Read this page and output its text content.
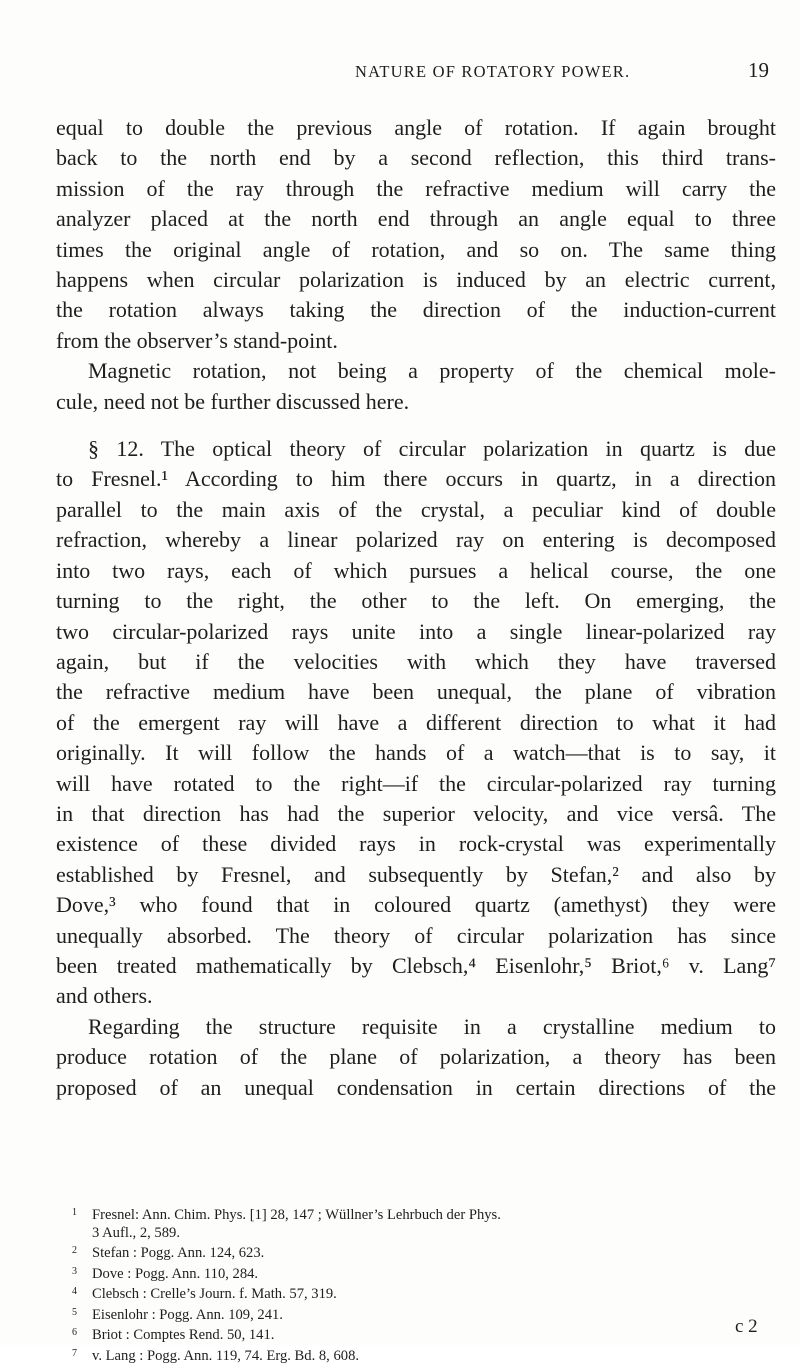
NATURE OF ROTATORY POWER.	19
equal to double the previous angle of rotation. If again brought
back to the north end by a second reflection, this third trans-
mission of the ray through the refractive medium will carry the
analyzer placed at the north end through an angle equal to three
times the original angle of rotation, and so on. The same thing
happens when circular polarization is induced by an electric current,
the rotation always taking the direction of the induction-current
from the observer’s stand-point.
Magnetic rotation, not being a property of the chemical mole-
cule, need not be further discussed here.
§ 12. The optical theory of circular polarization in quartz is due
to Fresnel.¹ According to him there occurs in quartz, in a direction
parallel to the main axis of the crystal, a peculiar kind of double
refraction, whereby a linear polarized ray on entering is decomposed
into two rays, each of which pursues a helical course, the one
turning to the right, the other to the left. On emerging, the
two circular-polarized rays unite into a single linear-polarized ray
again, but if the velocities with which they have traversed
the refractive medium have been unequal, the plane of vibration
of the emergent ray will have a different direction to what it had
originally. It will follow the hands of a watch—that is to say, it
will have rotated to the right—if the circular-polarized ray turning
in that direction has had the superior velocity, and vice versâ. The
existence of these divided rays in rock-crystal was experimentally
established by Fresnel, and subsequently by Stefan,² and also by
Dove,³ who found that in coloured quartz (amethyst) they were
unequally absorbed. The theory of circular polarization has since
been treated mathematically by Clebsch,⁴ Eisenlohr,⁵ Briot,⁶ v. Lang⁷
and others.
Regarding the structure requisite in a crystalline medium to
produce rotation of the plane of polarization, a theory has been
proposed of an unequal condensation in certain directions of the
1 Fresnel: Ann. Chim. Phys. [1] 28, 147 ; Wüllner’s Lehrbuch der Phys.
3 Aufl., 2, 589.
2 Stefan : Pogg. Ann. 124, 623.
3 Dove : Pogg. Ann. 110, 284.
4 Clebsch : Crelle’s Journ. f. Math. 57, 319.
5 Eisenlohr : Pogg. Ann. 109, 241.
6 Briot : Comptes Rend. 50, 141.
7 v. Lang : Pogg. Ann. 119, 74. Erg. Bd. 8, 608.
c 2
